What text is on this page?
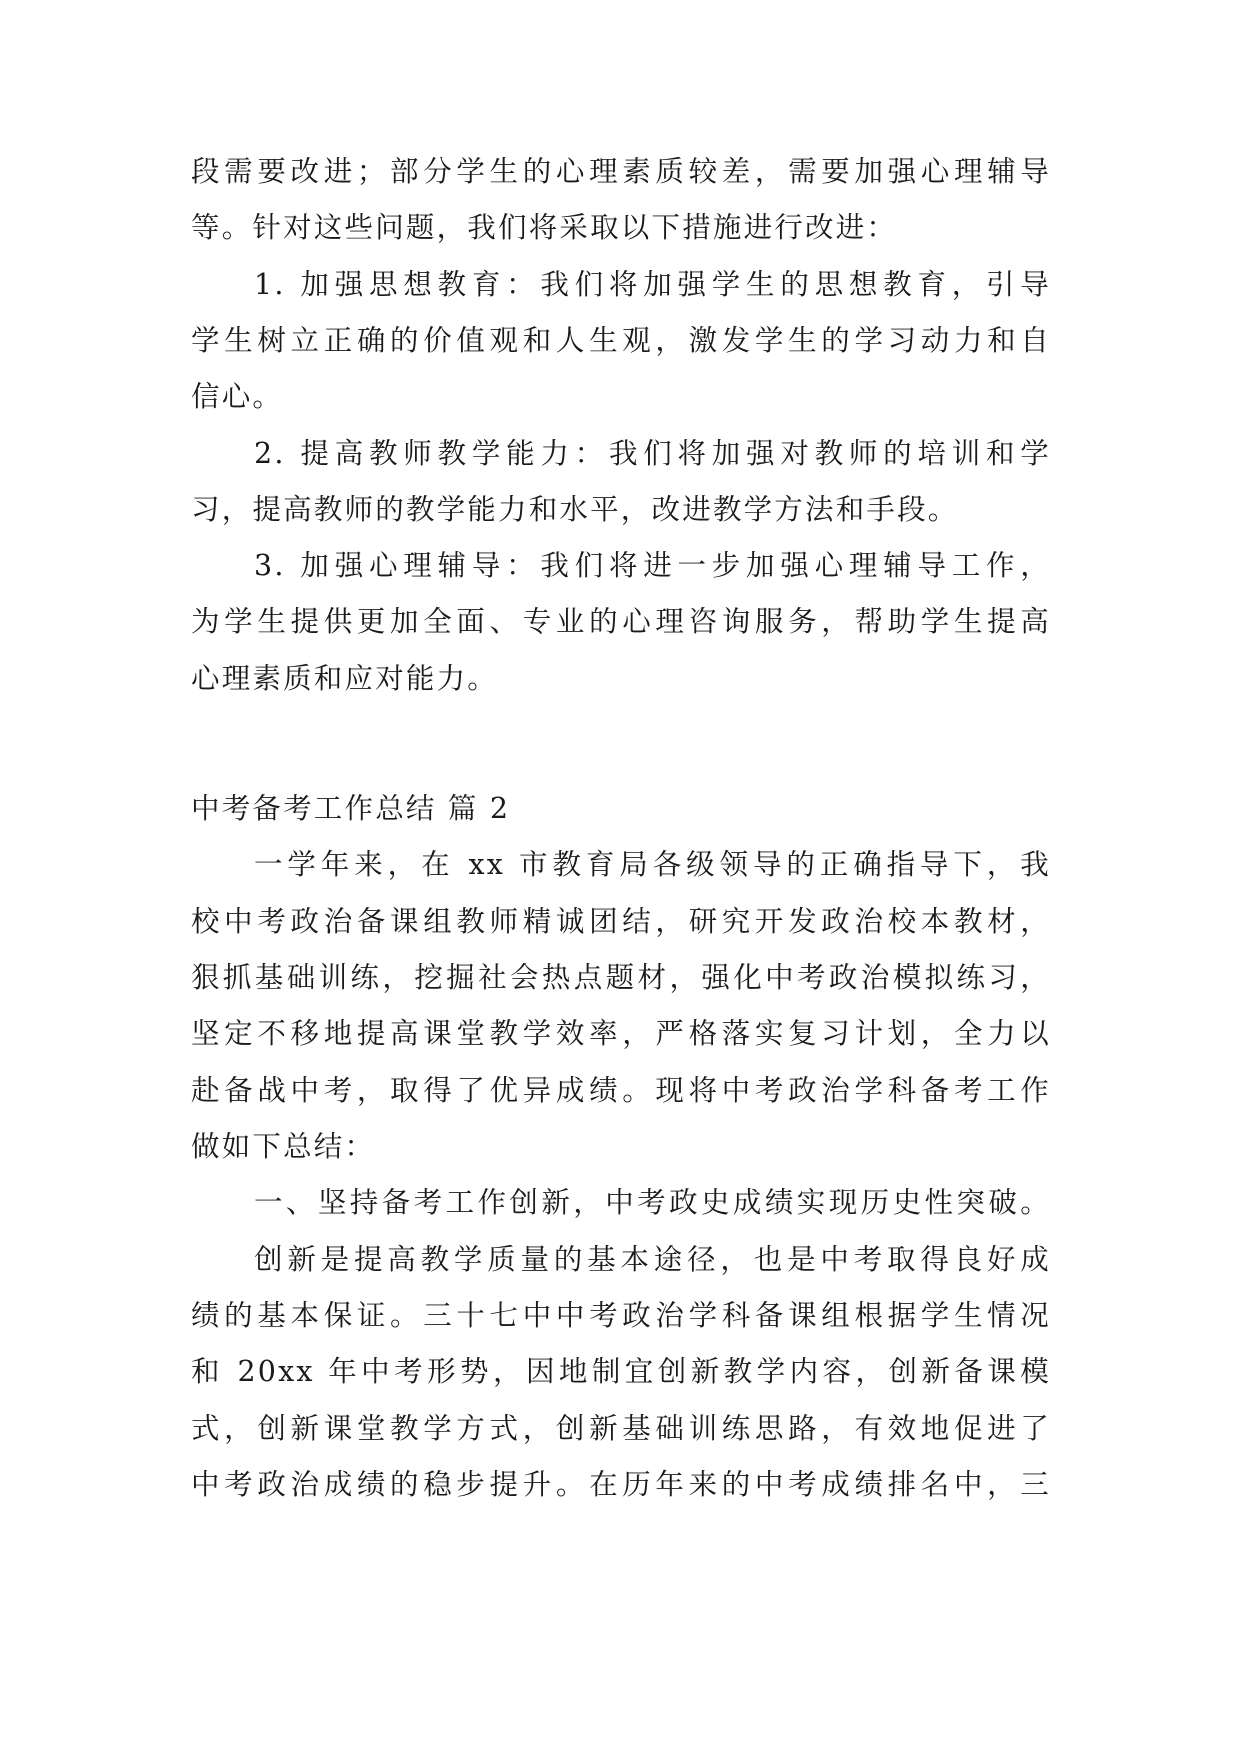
段需要改进；部分学生的心理素质较差，需要加强心理辅导
等。针对这些问题，我们将采取以下措施进行改进：
1. 加强思想教育：我们将加强学生的思想教育，引导
学生树立正确的价值观和人生观，激发学生的学习动力和自
信心。
2. 提高教师教学能力：我们将加强对教师的培训和学
习，提高教师的教学能力和水平，改进教学方法和手段。
3. 加强心理辅导：我们将进一步加强心理辅导工作，
为学生提供更加全面、专业的心理咨询服务，帮助学生提高
心理素质和应对能力。
中考备考工作总结 篇 2
一学年来，在 xx 市教育局各级领导的正确指导下，我
校中考政治备课组教师精诚团结，研究开发政治校本教材，
狠抓基础训练，挖掘社会热点题材，强化中考政治模拟练习，
坚定不移地提高课堂教学效率，严格落实复习计划，全力以
赴备战中考，取得了优异成绩。现将中考政治学科备考工作
做如下总结：
一、坚持备考工作创新，中考政史成绩实现历史性突破。
创新是提高教学质量的基本途径，也是中考取得良好成
绩的基本保证。三十七中中考政治学科备课组根据学生情况
和 20xx 年中考形势，因地制宜创新教学内容，创新备课模
式，创新课堂教学方式，创新基础训练思路，有效地促进了
中考政治成绩的稳步提升。在历年来的中考成绩排名中，三
